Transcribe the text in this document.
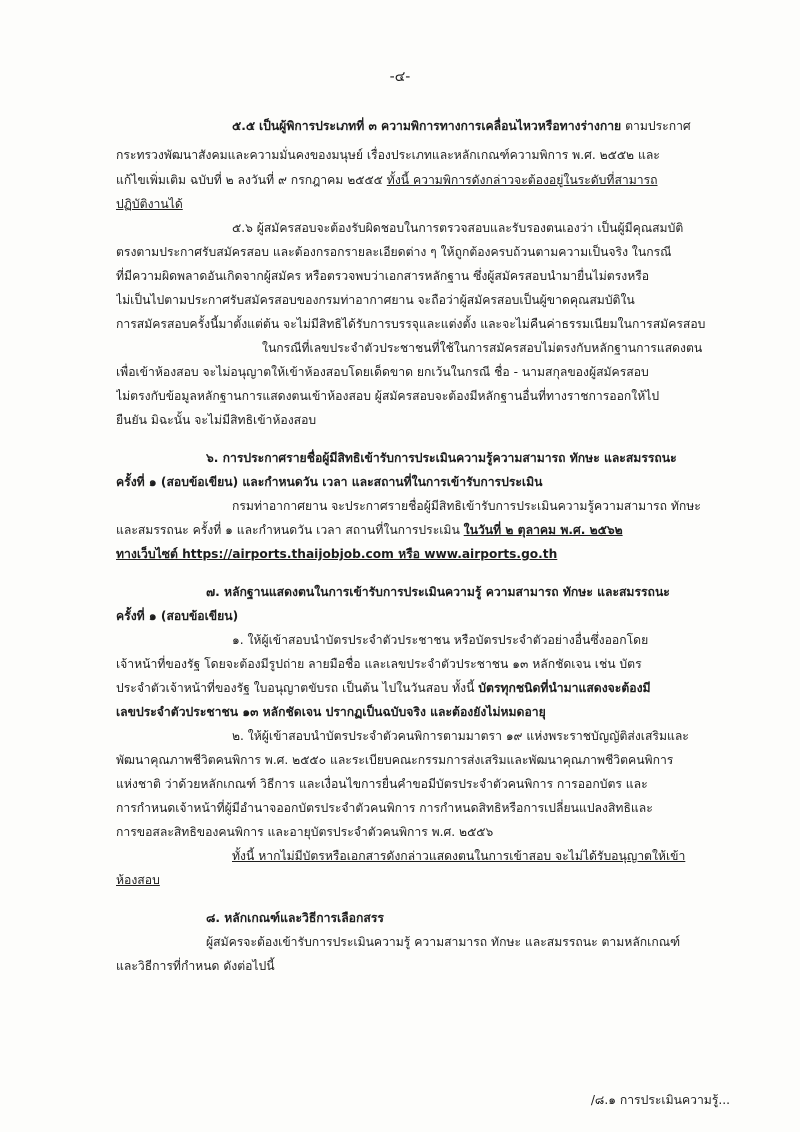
-๔-
๕.๕ เป็นผู้พิการประเภทที่ ๓ ความพิการทางการเคลื่อนไหวหรือทางร่างกาย ตามประกาศ
กระทรวงพัฒนาสังคมและความมั่นคงของมนุษย์ เรื่องประเภทและหลักเกณฑ์ความพิการ พ.ศ. ๒๕๕๒ และ
แก้ไขเพิ่มเติม ฉบับที่ ๒ ลงวันที่ ๙ กรกฎาคม ๒๕๕๕ ทั้งนี้ ความพิการดังกล่าวจะต้องอยู่ในระดับที่สามารถ
ปฏิบัติงานได้
๕.๖ ผู้สมัครสอบจะต้องรับผิดชอบในการตรวจสอบและรับรองตนเองว่า เป็นผู้มีคุณสมบัติ
ตรงตามประกาศรับสมัครสอบ และต้องกรอกรายละเอียดต่าง ๆ ให้ถูกต้องครบถ้วนตามความเป็นจริง ในกรณี
ที่มีความผิดพลาดอันเกิดจากผู้สมัคร หรือตรวจพบว่าเอกสารหลักฐาน ซึ่งผู้สมัครสอบนำมายื่นไม่ตรงหรือ
ไม่เป็นไปตามประกาศรับสมัครสอบของกรมท่าอากาศยาน จะถือว่าผู้สมัครสอบเป็นผู้ขาดคุณสมบัติใน
การสมัครสอบครั้งนี้มาตั้งแต่ต้น จะไม่มีสิทธิได้รับการบรรจุและแต่งตั้ง และจะไม่คืนค่าธรรมเนียมในการสมัครสอบ
ในกรณีที่เลขประจำตัวประชาชนที่ใช้ในการสมัครสอบไม่ตรงกับหลักฐานการแสดงตน
เพื่อเข้าห้องสอบ จะไม่อนุญาตให้เข้าห้องสอบโดยเด็ดขาด ยกเว้นในกรณี ชื่อ - นามสกุลของผู้สมัครสอบ
ไม่ตรงกับข้อมูลหลักฐานการแสดงตนเข้าห้องสอบ ผู้สมัครสอบจะต้องมีหลักฐานอื่นที่ทางราชการออกให้ไป
ยืนยัน มิฉะนั้น จะไม่มีสิทธิเข้าห้องสอบ
๖. การประกาศรายชื่อผู้มีสิทธิเข้ารับการประเมินความรู้ความสามารถ ทักษะ และสมรรถนะ
ครั้งที่ ๑ (สอบข้อเขียน) และกำหนดวัน เวลา และสถานที่ในการเข้ารับการประเมิน
กรมท่าอากาศยาน จะประกาศรายชื่อผู้มีสิทธิเข้ารับการประเมินความรู้ความสามารถ ทักษะ
และสมรรถนะ ครั้งที่ ๑ และกำหนดวัน เวลา สถานที่ในการประเมิน ในวันที่ ๒ ตุลาคม พ.ศ. ๒๕๖๒
ทางเว็บไซต์ https://airports.thaijobjob.com หรือ www.airports.go.th
๗. หลักฐานแสดงตนในการเข้ารับการประเมินความรู้ ความสามารถ ทักษะ และสมรรถนะ
ครั้งที่ ๑ (สอบข้อเขียน)
๑. ให้ผู้เข้าสอบนำบัตรประจำตัวประชาชน หรือบัตรประจำตัวอย่างอื่นซึ่งออกโดย
เจ้าหน้าที่ของรัฐ โดยจะต้องมีรูปถ่าย ลายมือชื่อ และเลขประจำตัวประชาชน ๑๓ หลักชัดเจน เช่น บัตร
ประจำตัวเจ้าหน้าที่ของรัฐ ใบอนุญาตขับรถ เป็นต้น ไปในวันสอบ ทั้งนี้ บัตรทุกชนิดที่นำมาแสดงจะต้องมี
เลขประจำตัวประชาชน ๑๓ หลักชัดเจน ปรากฏเป็นฉบับจริง และต้องยังไม่หมดอายุ
๒. ให้ผู้เข้าสอบนำบัตรประจำตัวคนพิการตามมาตรา ๑๙ แห่งพระราชบัญญัติส่งเสริมและ
พัฒนาคุณภาพชีวิตคนพิการ พ.ศ. ๒๕๕๐ และระเบียบคณะกรรมการส่งเสริมและพัฒนาคุณภาพชีวิตคนพิการ
แห่งชาติ ว่าด้วยหลักเกณฑ์ วิธีการ และเงื่อนไขการยื่นคำขอมีบัตรประจำตัวคนพิการ การออกบัตร และ
การกำหนดเจ้าหน้าที่ผู้มีอำนาจออกบัตรประจำตัวคนพิการ การกำหนดสิทธิหรือการเปลี่ยนแปลงสิทธิและ
การขอสละสิทธิของคนพิการ และอายุบัตรประจำตัวคนพิการ พ.ศ. ๒๕๕๖
ทั้งนี้ หากไม่มีบัตรหรือเอกสารดังกล่าวแสดงตนในการเข้าสอบ จะไม่ได้รับอนุญาตให้เข้า
ห้องสอบ
๘. หลักเกณฑ์และวิธีการเลือกสรร
ผู้สมัครจะต้องเข้ารับการประเมินความรู้ ความสามารถ ทักษะ และสมรรถนะ ตามหลักเกณฑ์
และวิธีการที่กำหนด ดังต่อไปนี้
/๘.๑ การประเมินความรู้...
